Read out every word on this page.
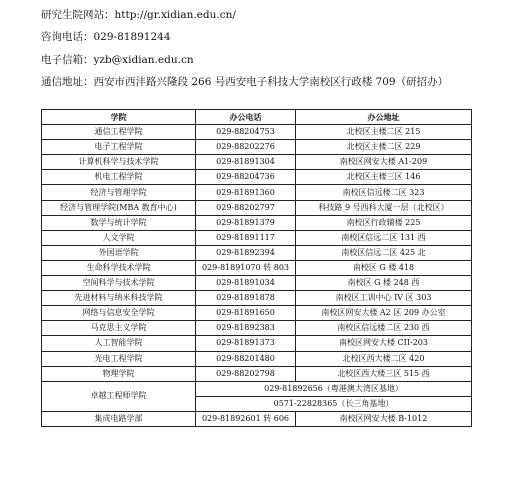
研究生院网站：http://gr.xidian.edu.cn/
咨询电话：029-81891244
电子信箱：yzb@xidian.edu.cn
通信地址：西安市西沣路兴隆段 266 号西安电子科技大学南校区行政楼 709（研招办）
学院	办公电话	办公地址
通信工程学院	029-88204753	北校区主楼二区 215
电子工程学院	029-88202276	北校区主楼二区 229
计算机科学与技术学院	029-81891304	南校区网安大楼 A1-209
机电工程学院	029-88204736	北校区主楼三区 146
经济与管理学院	029-81891360	南校区信远楼二区 323
经济与管理学院(MBA 教育中心)	029-88202797	科技路 9 号西科大厦一层（北校区）
数学与统计学院	029-81891379	南校区行政辅楼 225
人文学院	029-81891117	南校区信远二区 131 西
外国语学院	029-81892394	南校区信远二区 425 北
生命科学技术学院	029-81891070 转 803	南校区 G 楼 418
空间科学与技术学院	029-81891034	南校区 G 楼 248 西
先进材料与纳米科技学院	029-81891878	南校区工训中心 IV 区 303
网络与信息安全学院	029-81891650	南校区网安大楼 A2 区 209 办公室
马克思主义学院	029-81892383	南校区信远楼二区 230 西
人工智能学院	029-81891373	南校区网安大楼 CII-203
光电工程学院	029-88201480	北校区西大楼二区 420
物理学院	029-88202798	北校区西大楼三区 515 西
卓越工程师学院	029-81892656（粤港澳大湾区基地）	
	0571-22828365（长三角基地）	
集成电路学部	029-81892601 转 606	南校区网安大楼 B-1012
